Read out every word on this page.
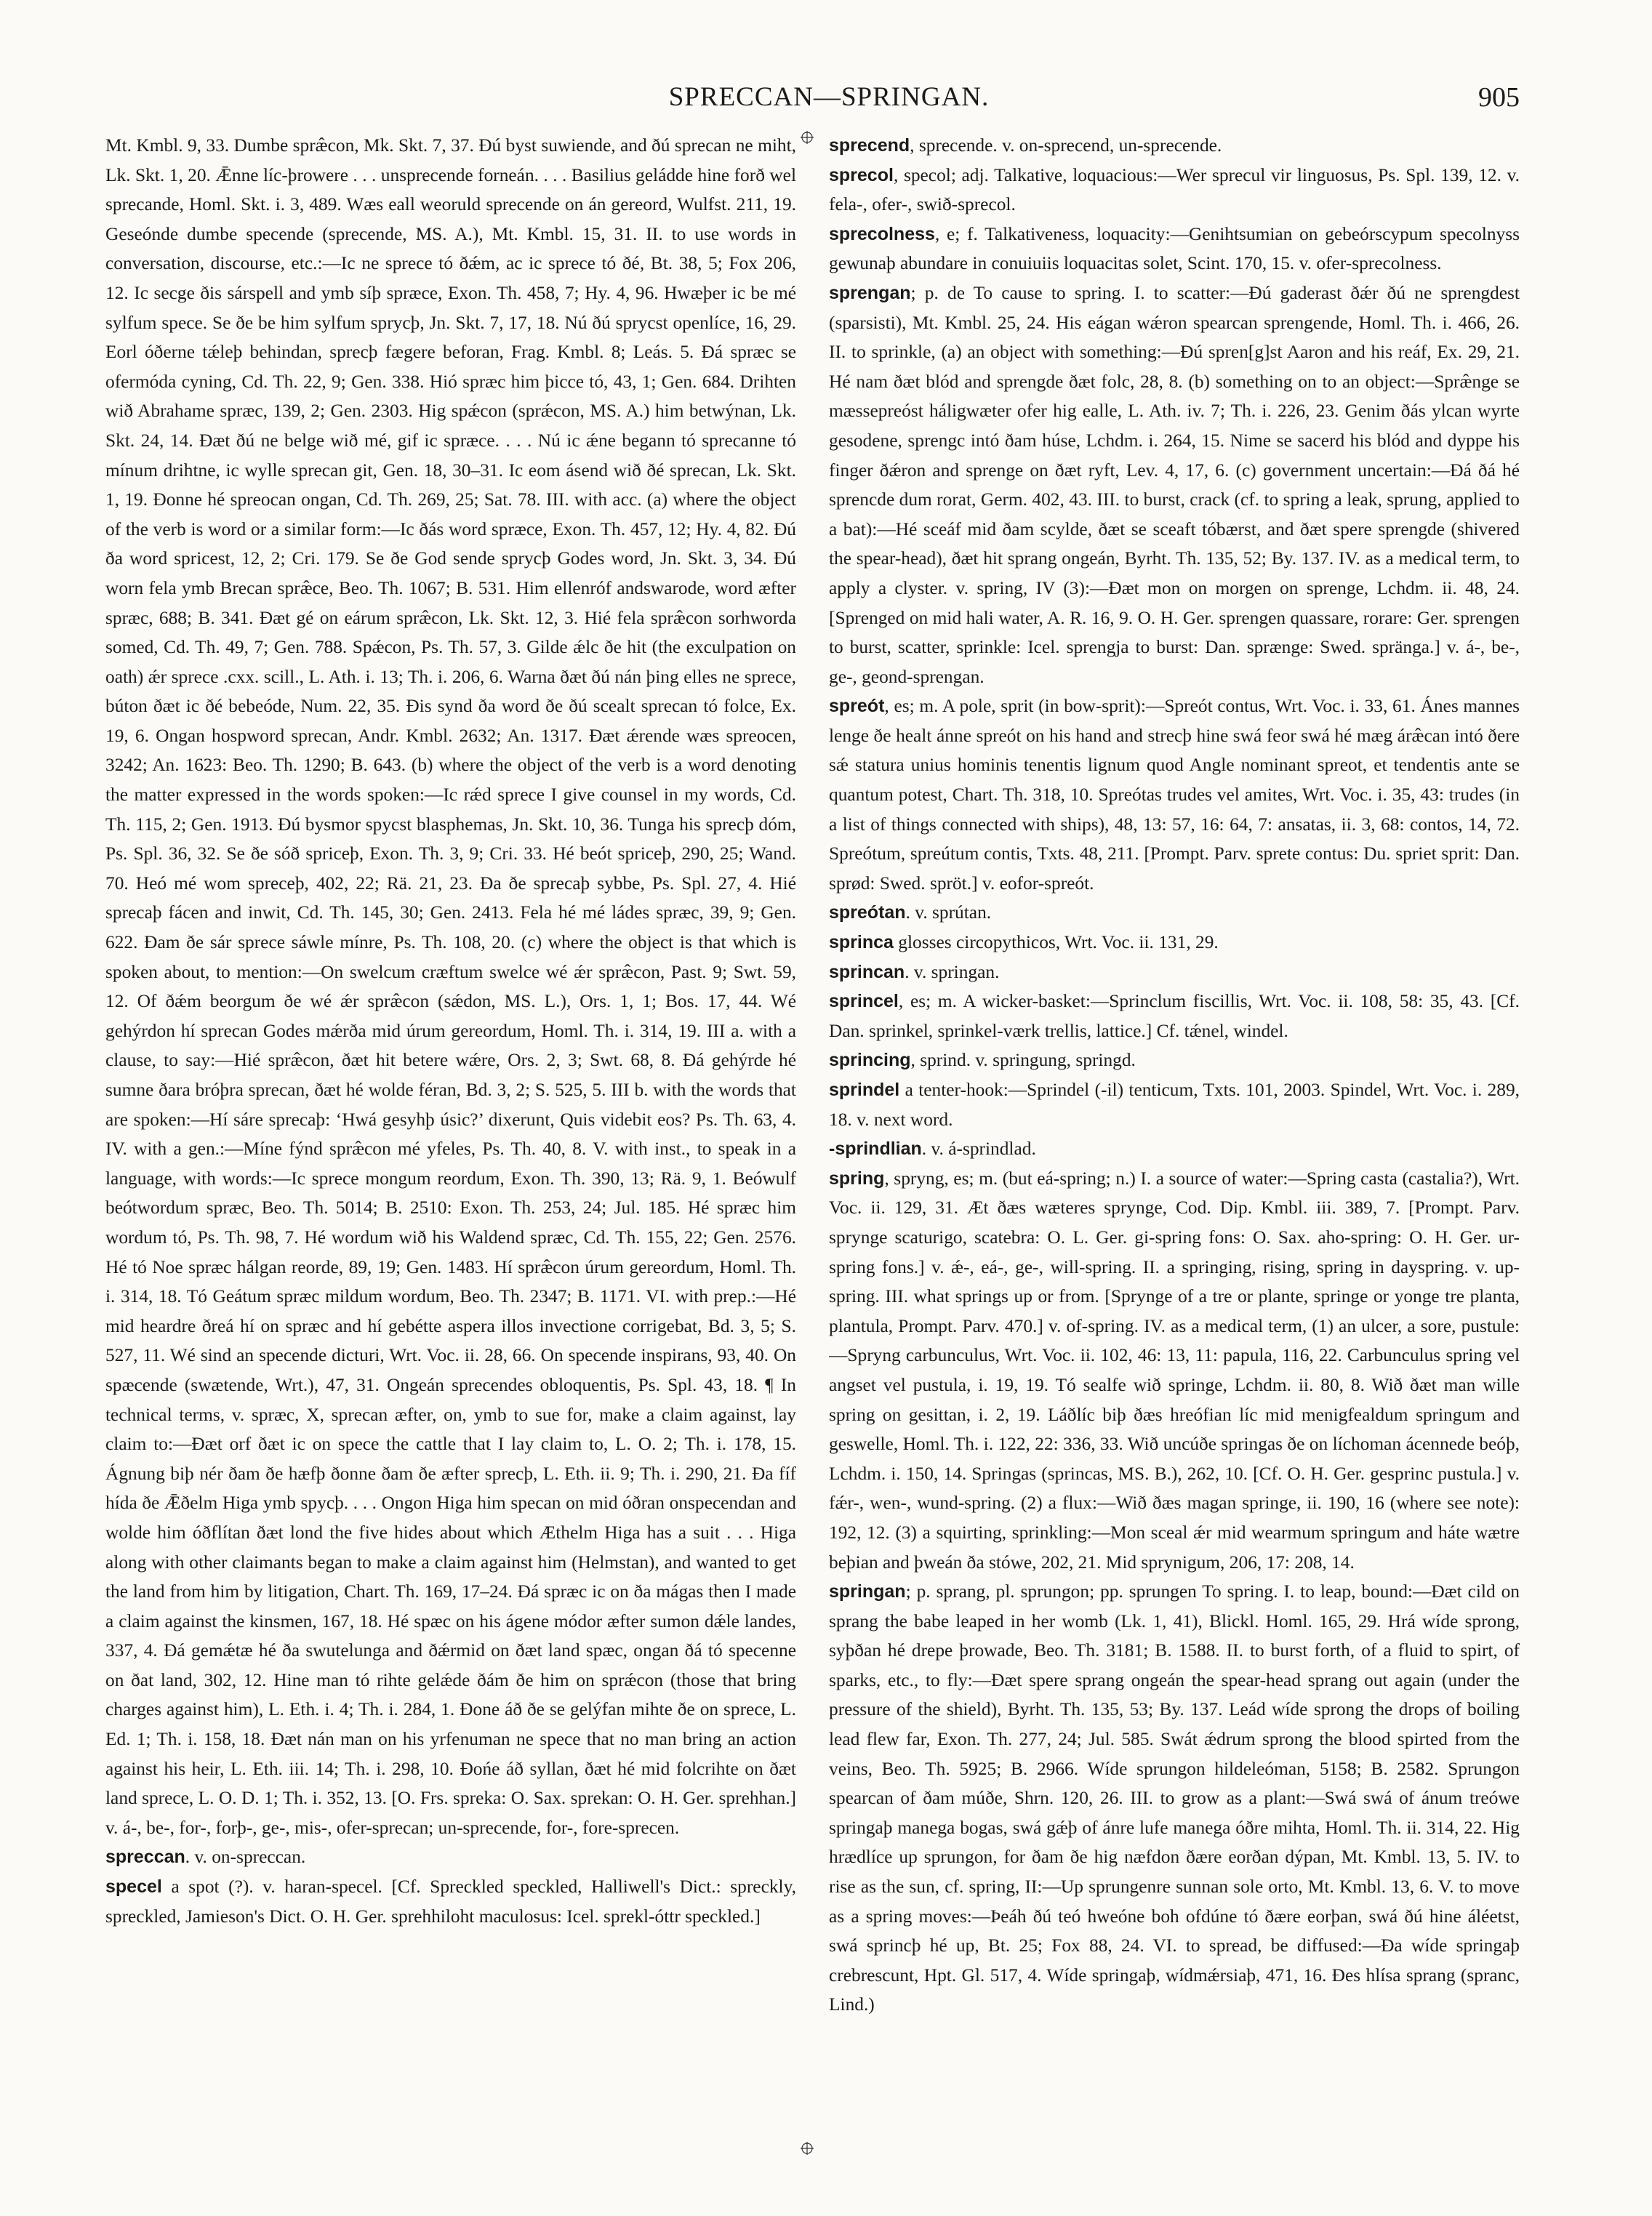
SPRECCAN—SPRINGAN.	905

Mt. Kmbl. 9, 33. Dumbe spræ̂con, Mk. Skt. 7, 37. Ðú byst suwiende, and ðú sprecan ne miht, Lk. Skt. 1, 20. Ǣnne líc-þrowere . . . unsprecende forneán. . . . Basilius geládde hine forð wel sprecande, Homl. Skt. i. 3, 489. Wæs eall weoruld sprecende on án gereord, Wulfst. 211, 19. Geseónde dumbe specende (sprecende, MS. A.), Mt. Kmbl. 15, 31. II. to use words in conversation, discourse, etc.:—Ic ne sprece tó ðǽm, ac ic sprece tó ðé, Bt. 38, 5; Fox 206, 12. Ic secge ðis sárspell and ymb síþ spræce, Exon. Th. 458, 7; Hy. 4, 96. Hwæþer ic be mé sylfum spece. Se ðe be him sylfum sprycþ, Jn. Skt. 7, 17, 18. Nú ðú sprycst openlíce, 16, 29. Eorl óðerne tǽleþ behindan, sprecþ fægere beforan, Frag. Kmbl. 8; Leás. 5. Ðá spræc se ofermóda cyning, Cd. Th. 22, 9; Gen. 338. Hió spræc him þicce tó, 43, 1; Gen. 684. Drihten wið Abrahame spræc, 139, 2; Gen. 2303. Hig spǽcon (sprǽcon, MS. A.) him betwýnan, Lk. Skt. 24, 14. Ðæt ðú ne belge wið mé, gif ic spræce. . . . Nú ic ǽne begann tó sprecanne tó mínum drihtne, ic wylle sprecan git, Gen. 18, 30–31. Ic eom ásend wið ðé sprecan, Lk. Skt. 1, 19. Ðonne hé spreocan ongan, Cd. Th. 269, 25; Sat. 78. III. with acc. (a) where the object of the verb is word or a similar form:—Ic ðás word spræce, Exon. Th. 457, 12; Hy. 4, 82. Ðú ða word spricest, 12, 2; Cri. 179. Se ðe God sende sprycþ Godes word, Jn. Skt. 3, 34. Ðú worn fela ymb Brecan spræ̂ce, Beo. Th. 1067; B. 531. Him ellenróf andswarode, word æfter spræc, 688; B. 341. Ðæt gé on eárum spræ̂con, Lk. Skt. 12, 3. Hié fela spræ̂con sorhworda somed, Cd. Th. 49, 7; Gen. 788. Spǽcon, Ps. Th. 57, 3. Gilde ǽlc ðe hit (the exculpation on oath) ǽr sprece .cxx. scill., L. Ath. i. 13; Th. i. 206, 6. Warna ðæt ðú nán þing elles ne sprece, búton ðæt ic ðé bebeóde, Num. 22, 35. Ðis synd ða word ðe ðú scealt sprecan tó folce, Ex. 19, 6. Ongan hospword sprecan, Andr. Kmbl. 2632; An. 1317. Ðæt ǽrende wæs spreocen, 3242; An. 1623: Beo. Th. 1290; B. 643. (b) where the object of the verb is a word denoting the matter expressed in the words spoken:—Ic rǽd sprece I give counsel in my words, Cd. Th. 115, 2; Gen. 1913. Ðú bysmor spycst blasphemas, Jn. Skt. 10, 36. Tunga his sprecþ dóm, Ps. Spl. 36, 32. Se ðe sóð spriceþ, Exon. Th. 3, 9; Cri. 33. Hé beót spriceþ, 290, 25; Wand. 70. Heó mé wom spreceþ, 402, 22; Rä. 21, 23. Ða ðe sprecaþ sybbe, Ps. Spl. 27, 4. Hié sprecaþ fácen and inwit, Cd. Th. 145, 30; Gen. 2413. Fela hé mé ládes spræc, 39, 9; Gen. 622. Ðam ðe sár sprece sáwle mínre, Ps. Th. 108, 20. (c) where the object is that which is spoken about, to mention:—On swelcum cræftum swelce wé ǽr spræ̂con, Past. 9; Swt. 59, 12. Of ðǽm beorgum ðe wé ǽr spræ̂con (sǽdon, MS. L.), Ors. 1, 1; Bos. 17, 44. Wé gehýrdon hí sprecan Godes mǽrða mid úrum gereordum, Homl. Th. i. 314, 19. III a. with a clause, to say:—Hié spræ̂con, ðæt hit betere wǽre, Ors. 2, 3; Swt. 68, 8. Ðá gehýrde hé sumne ðara bróþra sprecan, ðæt hé wolde féran, Bd. 3, 2; S. 525, 5. III b. with the words that are spoken:—Hí sáre sprecaþ: ‘Hwá gesyhþ úsic?’ dixerunt, Quis videbit eos? Ps. Th. 63, 4. IV. with a gen.:—Míne fýnd spræ̂con mé yfeles, Ps. Th. 40, 8. V. with inst., to speak in a language, with words:—Ic sprece mongum reordum, Exon. Th. 390, 13; Rä. 9, 1. Beówulf beótwordum spræc, Beo. Th. 5014; B. 2510: Exon. Th. 253, 24; Jul. 185. Hé spræc him wordum tó, Ps. Th. 98, 7. Hé wordum wið his Waldend spræc, Cd. Th. 155, 22; Gen. 2576. Hé tó Noe spræc hálgan reorde, 89, 19; Gen. 1483. Hí spræ̂con úrum gereordum, Homl. Th. i. 314, 18. Tó Geátum spræc mildum wordum, Beo. Th. 2347; B. 1171. VI. with prep.:—Hé mid heardre ðreá hí on spræc and hí gebétte aspera illos invectione corrigebat, Bd. 3, 5; S. 527, 11. Wé sind an specende dicturi, Wrt. Voc. ii. 28, 66. On specende inspirans, 93, 40. On spæcende (swætende, Wrt.), 47, 31. Ongeán sprecendes obloquentis, Ps. Spl. 43, 18. ¶ In technical terms, v. spræc, X, sprecan æfter, on, ymb to sue for, make a claim against, lay claim to:—Ðæt orf ðæt ic on spece the cattle that I lay claim to, L. O. 2; Th. i. 178, 15. Ágnung biþ nér ðam ðe hæfþ ðonne ðam ðe æfter sprecþ, L. Eth. ii. 9; Th. i. 290, 21. Ða fíf hída ðe Ǣðelm Higa ymb spycþ. . . . Ongon Higa him specan on mid óðran onspecendan and wolde him óðflítan ðæt lond the five hides about which Æthelm Higa has a suit . . . Higa along with other claimants began to make a claim against him (Helmstan), and wanted to get the land from him by litigation, Chart. Th. 169, 17–24. Ðá spræc ic on ða mágas then I made a claim against the kinsmen, 167, 18. Hé spæc on his ágene módor æfter sumon dǽle landes, 337, 4. Ðá gemǽtæ hé ða swutelunga and ðǽrmid on ðæt land spæc, ongan ðá tó specenne on ðat land, 302, 12. Hine man tó rihte gelǽde ðám ðe him on sprǽcon (those that bring charges against him), L. Eth. i. 4; Th. i. 284, 1. Ðone áð ðe se gelýfan mihte ðe on sprece, L. Ed. 1; Th. i. 158, 18. Ðæt nán man on his yrfenuman ne spece that no man bring an action against his heir, L. Eth. iii. 14; Th. i. 298, 10. Ðońe áð syllan, ðæt hé mid folcrihte on ðæt land sprece, L. O. D. 1; Th. i. 352, 13. [O. Frs. spreka: O. Sax. sprekan: O. H. Ger. sprehhan.] v. á-, be-, for-, forþ-, ge-, mis-, ofer-sprecan; un-sprecende, for-, fore-sprecen.

spreccan. v. on-spreccan.

specel a spot (?). v. haran-specel. [Cf. Spreckled speckled, Halliwell's Dict.: spreckly, spreckled, Jamieson's Dict. O. H. Ger. sprehhiloht maculosus: Icel. sprekl-óttr speckled.]

sprecend, sprecende. v. on-sprecend, un-sprecende.

sprecol, specol; adj. Talkative, loquacious:—Wer sprecul vir linguosus, Ps. Spl. 139, 12. v. fela-, ofer-, swið-sprecol.

sprecolness, e; f. Talkativeness, loquacity:—Genihtsumian on gebeórscypum specolnyss gewunaþ abundare in conuiuiis loquacitas solet, Scint. 170, 15. v. ofer-sprecolness.

sprengan; p. de To cause to spring. I. to scatter:—Ðú gaderast ðǽr ðú ne sprengdest (sparsisti), Mt. Kmbl. 25, 24. His eágan wǽron spearcan sprengende, Homl. Th. i. 466, 26. II. to sprinkle, (a) an object with something:—Ðú spren[g]st Aaron and his reáf, Ex. 29, 21. Hé nam ðæt blód and sprengde ðæt folc, 28, 8. (b) something on to an object:—Spræ̂nge se mæssepreóst háligwæter ofer hig ealle, L. Ath. iv. 7; Th. i. 226, 23. Genim ðás ylcan wyrte gesodene, sprengc intó ðam húse, Lchdm. i. 264, 15. Nime se sacerd his blód and dyppe his finger ðǽron and sprenge on ðæt ryft, Lev. 4, 17, 6. (c) government uncertain:—Ðá ðá hé sprencde dum rorat, Germ. 402, 43. III. to burst, crack (cf. to spring a leak, sprung, applied to a bat):—Hé sceáf mid ðam scylde, ðæt se sceaft tóbærst, and ðæt spere sprengde (shivered the spear-head), ðæt hit sprang ongeán, Byrht. Th. 135, 52; By. 137. IV. as a medical term, to apply a clyster. v. spring, IV (3):—Ðæt mon on morgen on sprenge, Lchdm. ii. 48, 24. [Sprenged on mid hali water, A. R. 16, 9. O. H. Ger. sprengen quassare, rorare: Ger. sprengen to burst, scatter, sprinkle: Icel. sprengja to burst: Dan. sprænge: Swed. spränga.] v. á-, be-, ge-, geond-sprengan.

spreót, es; m. A pole, sprit (in bow-sprit):—Spreót contus, Wrt. Voc. i. 33, 61. Ánes mannes lenge ðe healt ánne spreót on his hand and strecþ hine swá feor swá hé mæg áræ̂can intó ðere sǽ statura unius hominis tenentis lignum quod Angle nominant spreot, et tendentis ante se quantum potest, Chart. Th. 318, 10. Spreótas trudes vel amites, Wrt. Voc. i. 35, 43: trudes (in a list of things connected with ships), 48, 13: 57, 16: 64, 7: ansatas, ii. 3, 68: contos, 14, 72. Spreótum, spreútum contis, Txts. 48, 211. [Prompt. Parv. sprete contus: Du. spriet sprit: Dan. sprød: Swed. spröt.] v. eofor-spreót.

spreótan. v. sprútan.

sprinca glosses circopythicos, Wrt. Voc. ii. 131, 29.

sprincan. v. springan.

sprincel, es; m. A wicker-basket:—Sprinclum fiscillis, Wrt. Voc. ii. 108, 58: 35, 43. [Cf. Dan. sprinkel, sprinkel-værk trellis, lattice.] Cf. tǽnel, windel.

sprincing, sprind. v. springung, springd.

sprindel a tenter-hook:—Sprindel (-il) tenticum, Txts. 101, 2003. Spindel, Wrt. Voc. i. 289, 18. v. next word.

-sprindlian. v. á-sprindlad.

spring, spryng, es; m. (but eá-spring; n.) I. a source of water:—Spring casta (castalia?), Wrt. Voc. ii. 129, 31. Æt ðæs wæteres sprynge, Cod. Dip. Kmbl. iii. 389, 7. [Prompt. Parv. sprynge scaturigo, scatebra: O. L. Ger. gi-spring fons: O. Sax. aho-spring: O. H. Ger. ur-spring fons.] v. ǽ-, eá-, ge-, will-spring. II. a springing, rising, spring in dayspring. v. up-spring. III. what springs up or from. [Sprynge of a tre or plante, springe or yonge tre planta, plantula, Prompt. Parv. 470.] v. of-spring. IV. as a medical term, (1) an ulcer, a sore, pustule:—Spryng carbunculus, Wrt. Voc. ii. 102, 46: 13, 11: papula, 116, 22. Carbunculus spring vel angset vel pustula, i. 19, 19. Tó sealfe wið springe, Lchdm. ii. 80, 8. Wið ðæt man wille spring on gesittan, i. 2, 19. Láðlíc biþ ðæs hreófian líc mid menigfealdum springum and geswelle, Homl. Th. i. 122, 22: 336, 33. Wið uncúðe springas ðe on líchoman ácennede beóþ, Lchdm. i. 150, 14. Springas (sprincas, MS. B.), 262, 10. [Cf. O. H. Ger. gesprinc pustula.] v. fǽr-, wen-, wund-spring. (2) a flux:—Wið ðæs magan springe, ii. 190, 16 (where see note): 192, 12. (3) a squirting, sprinkling:—Mon sceal ǽr mid wearmum springum and háte wætre beþian and þweán ða stówe, 202, 21. Mid sprynigum, 206, 17: 208, 14.

springan; p. sprang, pl. sprungon; pp. sprungen To spring. I. to leap, bound:—Ðæt cild on sprang the babe leaped in her womb (Lk. 1, 41), Blickl. Homl. 165, 29. Hrá wíde sprong, syþðan hé drepe þrowade, Beo. Th. 3181; B. 1588. II. to burst forth, of a fluid to spirt, of sparks, etc., to fly:—Ðæt spere sprang ongeán the spear-head sprang out again (under the pressure of the shield), Byrht. Th. 135, 53; By. 137. Leád wíde sprong the drops of boiling lead flew far, Exon. Th. 277, 24; Jul. 585. Swát ǽdrum sprong the blood spirted from the veins, Beo. Th. 5925; B. 2966. Wíde sprungon hildeleóman, 5158; B. 2582. Sprungon spearcan of ðam múðe, Shrn. 120, 26. III. to grow as a plant:—Swá swá of ánum treówe springaþ manega bogas, swá gǽþ of ánre lufe manega óðre mihta, Homl. Th. ii. 314, 22. Hig hrædlíce up sprungon, for ðam ðe hig næfdon ðære eorðan dýpan, Mt. Kmbl. 13, 5. IV. to rise as the sun, cf. spring, II:—Up sprungenre sunnan sole orto, Mt. Kmbl. 13, 6. V. to move as a spring moves:—Þeáh ðú teó hweóne boh ofdúne tó ðære eorþan, swá ðú hine áléetst, swá sprincþ hé up, Bt. 25; Fox 88, 24. VI. to spread, be diffused:—Ða wíde springaþ crebrescunt, Hpt. Gl. 517, 4. Wíde springaþ, wídmǽrsiaþ, 471, 16. Ðes hlísa sprang (spranc, Lind.)
